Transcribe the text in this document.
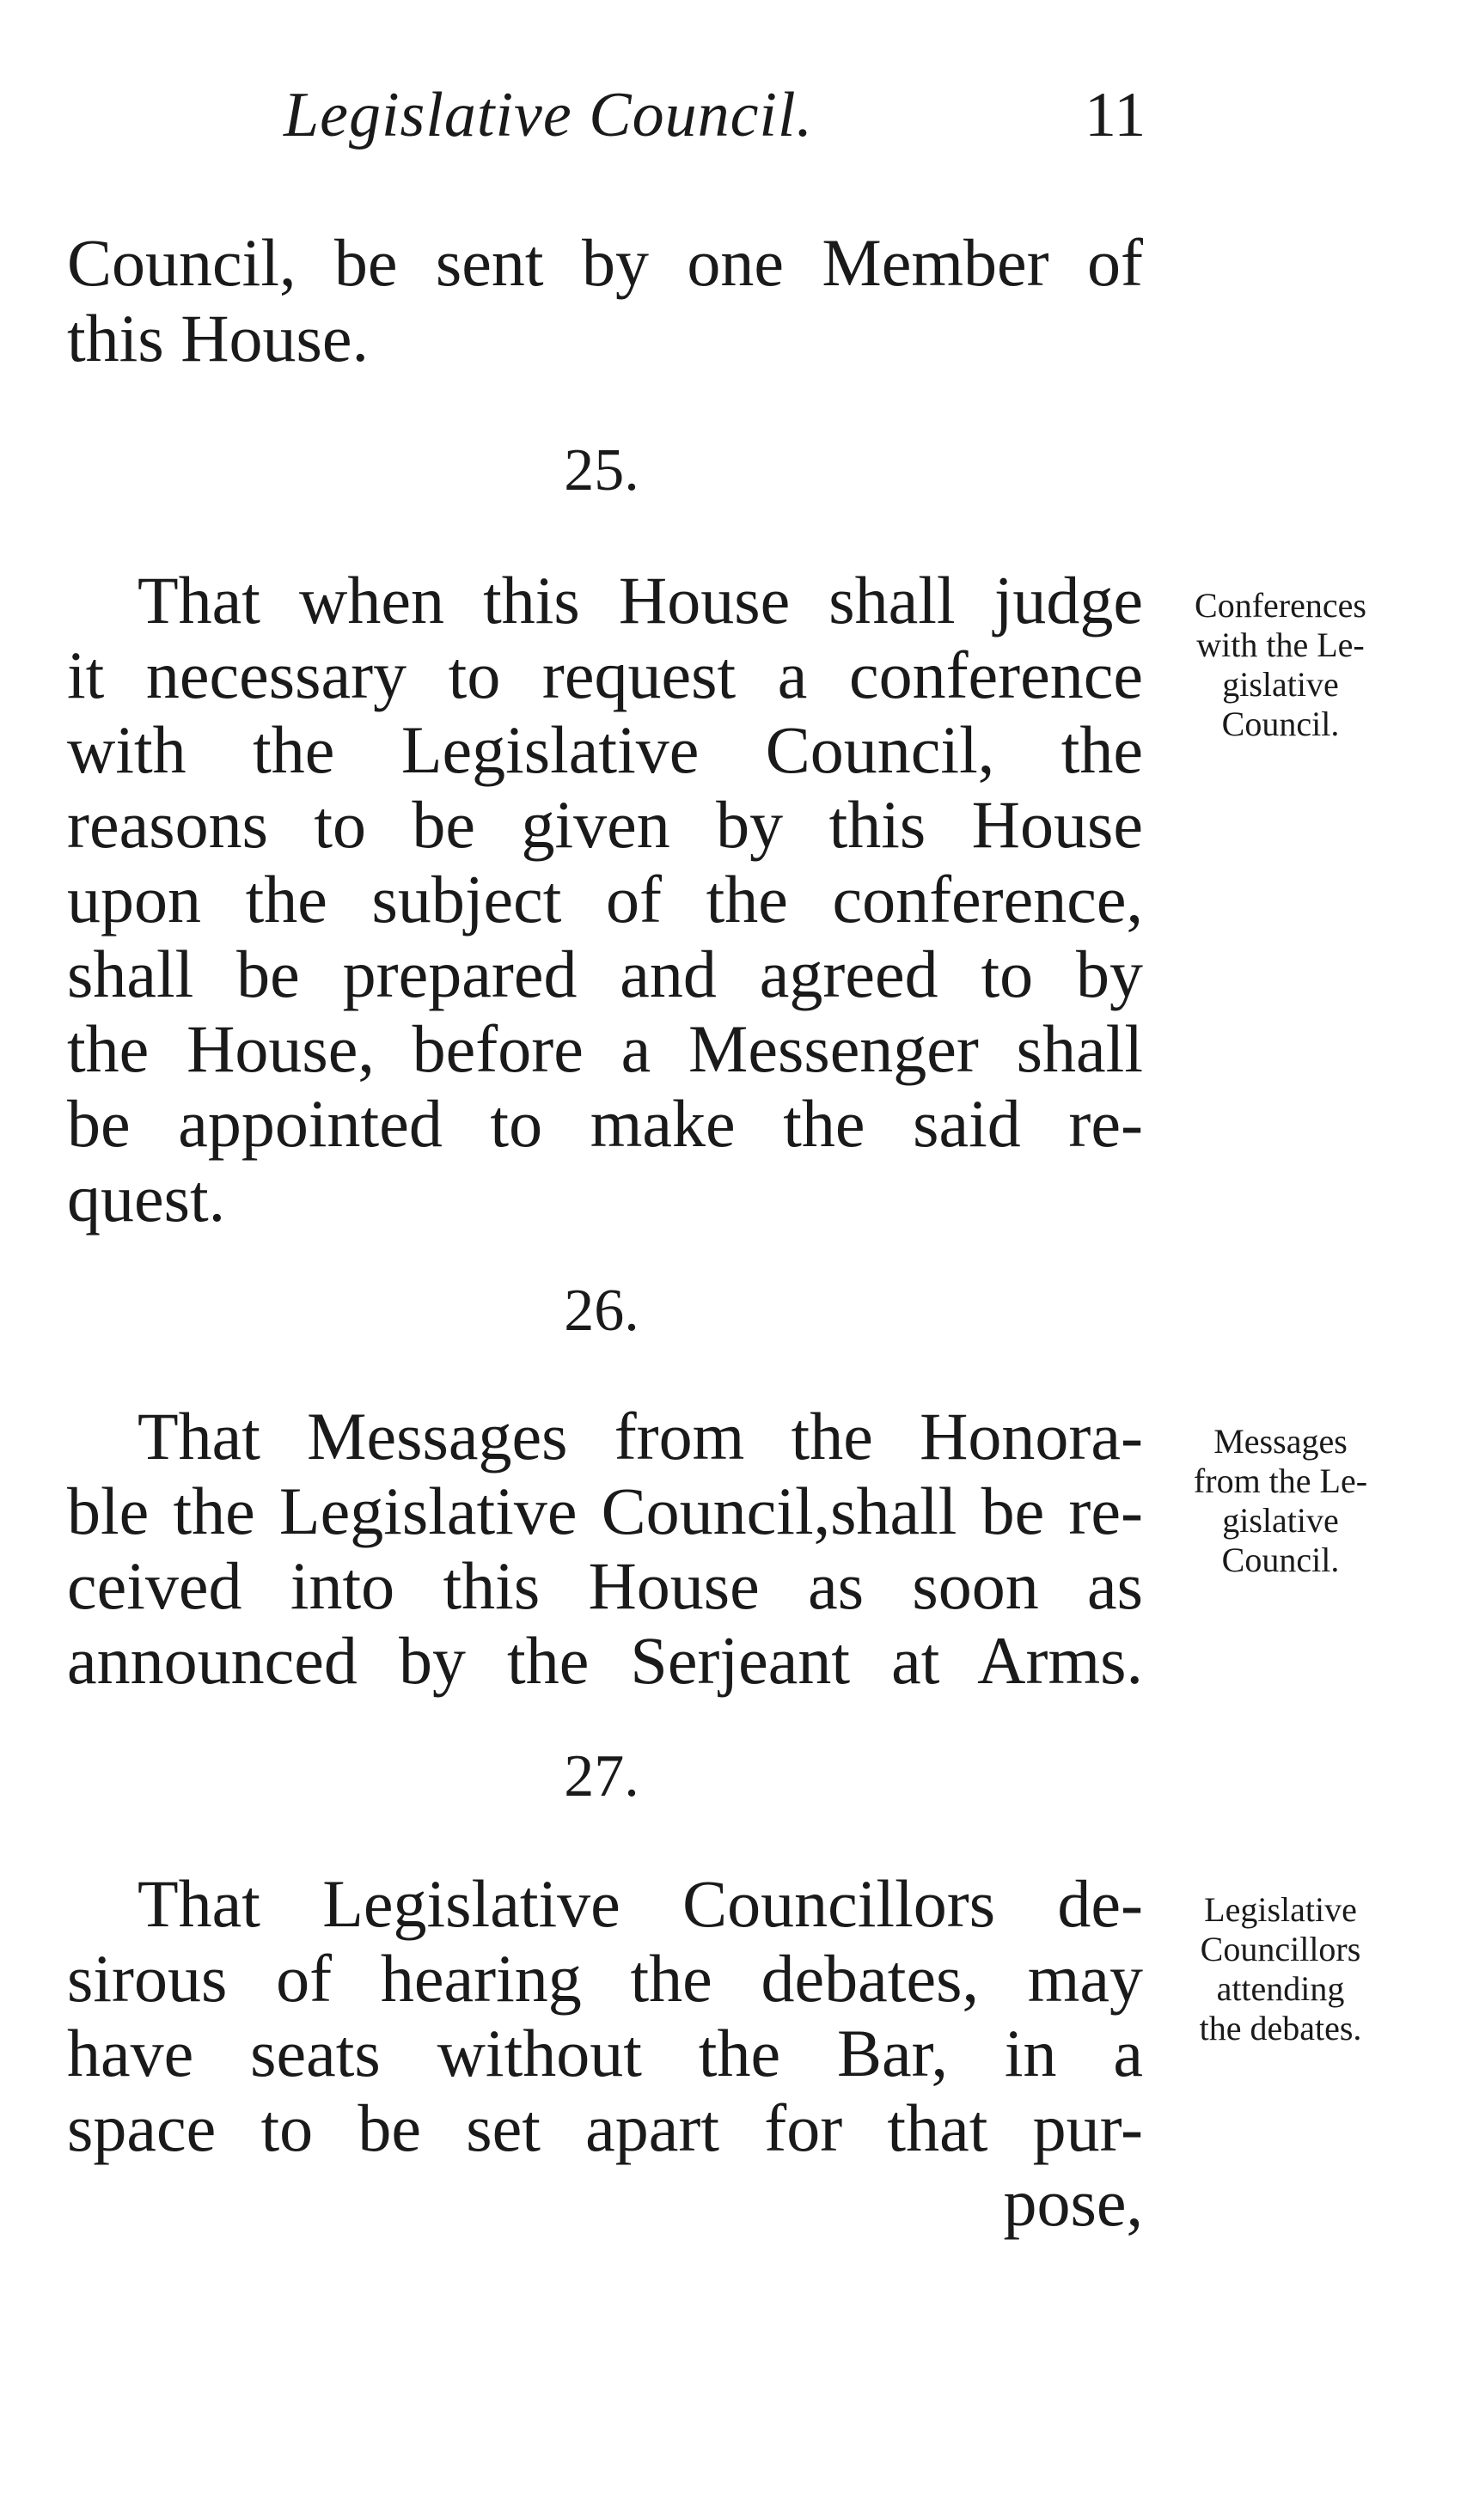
Legislative Council.	11
Council, be sent by one Member of
this House.
25.
That when this House shall judge
it necessary to request a conference
with the Legislative Council, the
reasons to be given by this House
upon the subject of the conference,
shall be prepared and agreed to by
the House, before a Messenger shall
be appointed to make the said re-
quest.
Conferences
with the Le-
gislative
Council.
26.
That Messages from the Honora-
ble the Legislative Council,shall be re-
ceived into this House as soon as
announced by the Serjeant at Arms.
Messages
from the Le-
gislative
Council.
27.
That Legislative Councillors de-
sirous of hearing the debates, may
have seats without the Bar, in a
space to be set apart for that pur-
pose,
Legislative
Councillors
attending
the debates.
